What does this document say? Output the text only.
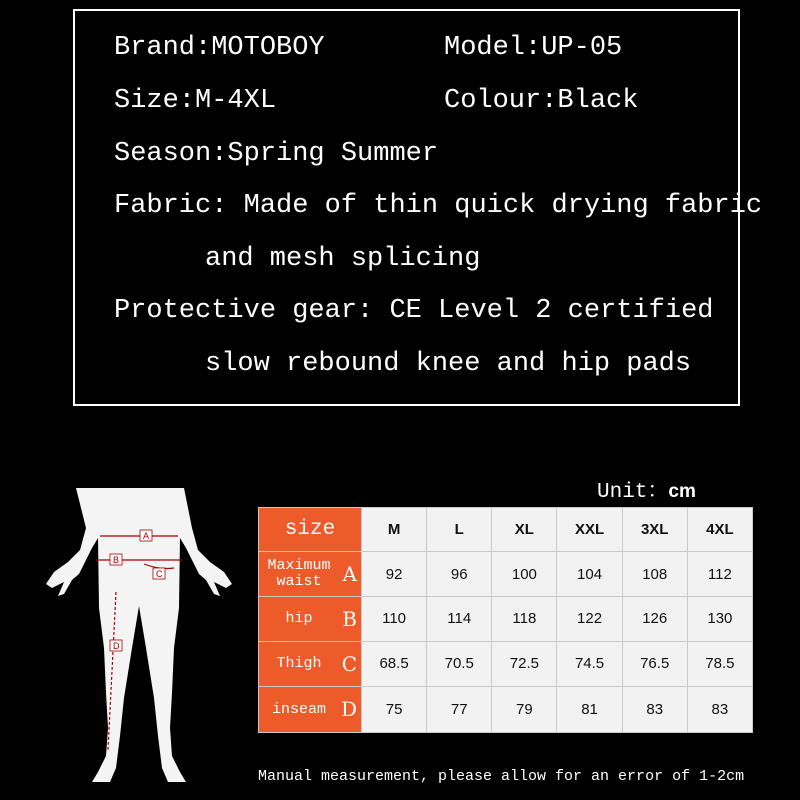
Brand:MOTOBOY	Model:UP-05
Size:M-4XL	Colour:Black
Season:Spring Summer
Fabric: Made of thin quick drying fabric
and mesh splicing
Protective gear: CE Level 2 certified
slow rebound knee and hip pads
Unit：cm
A
B
C
D
size	M	L	XL	XXL	3XL	4XL

Maximum
waist A	92	96	100	104	108	112

hip B	110	114	118	122	126	130

Thigh C	68.5	70.5	72.5	74.5	76.5	78.5

inseam D	75	77	79	81	83	83
Manual measurement, please allow for an error of 1-2cm
